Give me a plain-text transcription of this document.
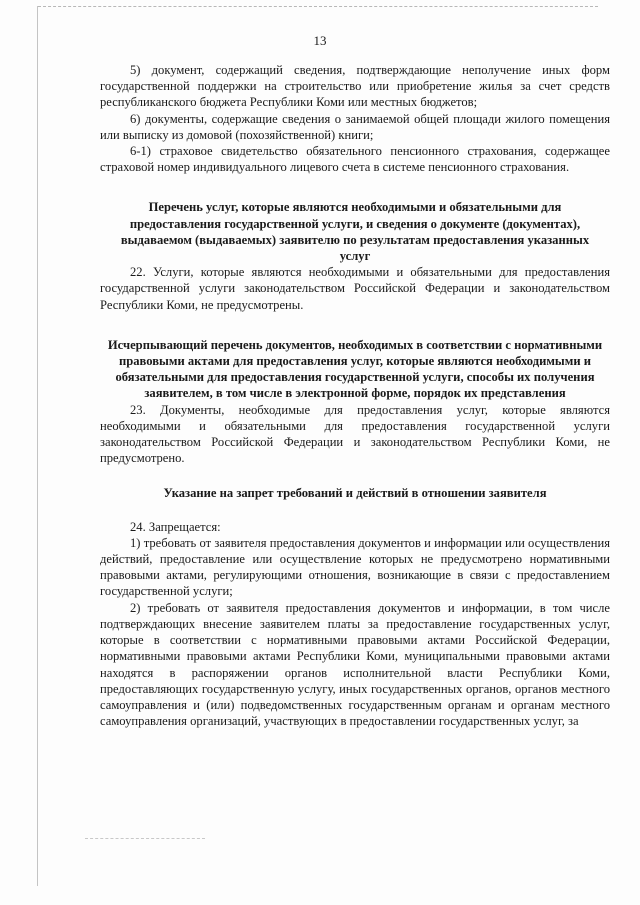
13

5) документ, содержащий сведения, подтверждающие неполучение иных форм государственной поддержки на строительство или приобретение жилья за счет средств республиканского бюджета Республики Коми или местных бюджетов;

6) документы, содержащие сведения о занимаемой общей площади жилого помещения или выписку из домовой (похозяйственной) книги;

6-1) страховое свидетельство обязательного пенсионного страхования, содержащее страховой номер индивидуального лицевого счета в системе пенсионного страхования.

Перечень услуг, которые являются необходимыми и обязательными для предоставления государственной услуги, и сведения о документе (документах), выдаваемом (выдаваемых) заявителю по результатам предоставления указанных услуг

22. Услуги, которые являются необходимыми и обязательными для предоставления государственной услуги законодательством Российской Федерации и законодательством Республики Коми, не предусмотрены.

Исчерпывающий перечень документов, необходимых в соответствии с нормативными правовыми актами для предоставления услуг, которые являются необходимыми и обязательными для предоставления государственной услуги, способы их получения заявителем, в том числе в электронной форме, порядок их представления

23. Документы, необходимые для предоставления услуг, которые являются необходимыми и обязательными для предоставления государственной услуги законодательством Российской Федерации и законодательством Республики Коми, не предусмотрено.

Указание на запрет требований и действий в отношении заявителя

24. Запрещается:

1) требовать от заявителя предоставления документов и информации или осуществления действий, предоставление или осуществление которых не предусмотрено нормативными правовыми актами, регулирующими отношения, возникающие в связи с предоставлением государственной услуги;

2) требовать от заявителя предоставления документов и информации, в том числе подтверждающих внесение заявителем платы за предоставление государственных услуг, которые в соответствии с нормативными правовыми актами Российской Федерации, нормативными правовыми актами Республики Коми, муниципальными правовыми актами находятся в распоряжении органов исполнительной власти Республики Коми, предоставляющих государственную услугу, иных государственных органов, органов местного самоуправления и (или) подведомственных государственным органам и органам местного самоуправления организаций, участвующих в предоставлении государственных услуг, за
